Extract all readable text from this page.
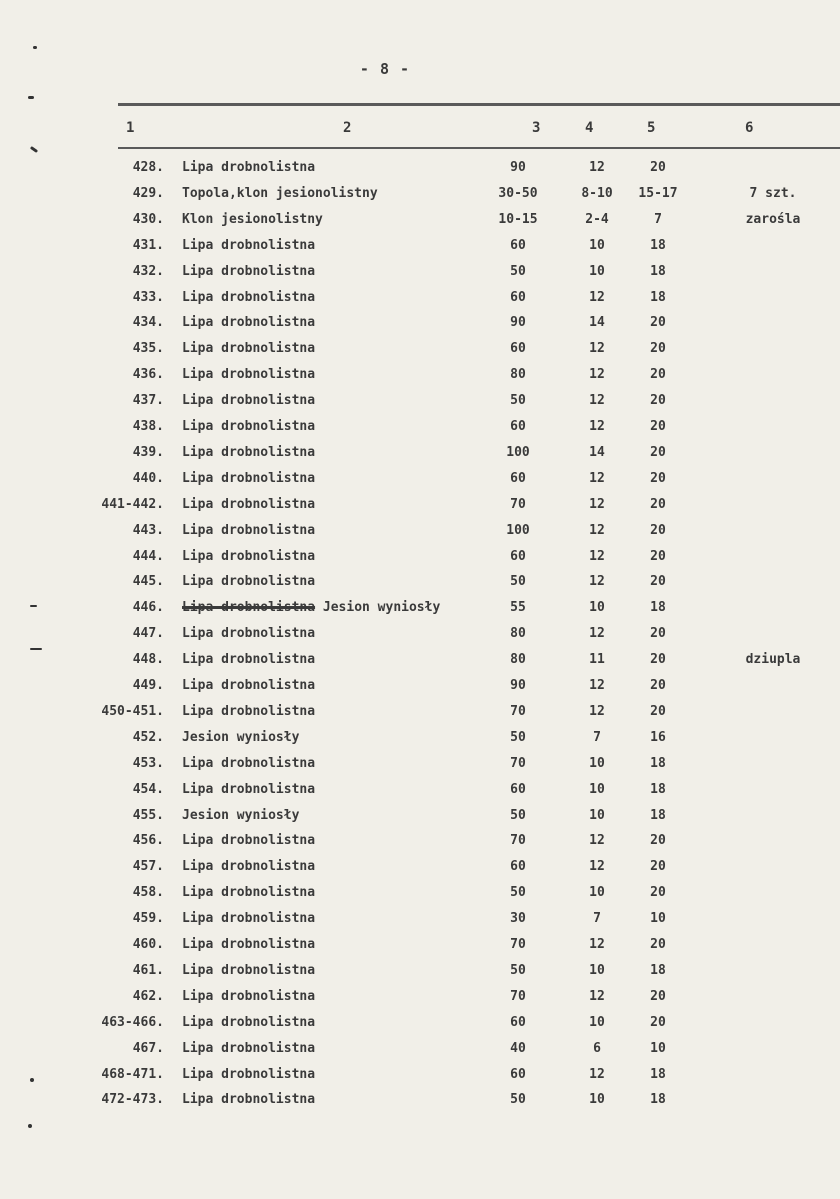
- 8 -
1	2	3	4	5	6
428. Lipa drobnolistna	90	12	20
429. Topola,klon jesionolistny	30-50	8-10	15-17	7 szt.
430. Klon jesionolistny	10-15	2-4	7	zarośla
431. Lipa drobnolistna	60	10	18
432. Lipa drobnolistna	50	10	18
433. Lipa drobnolistna	60	12	18
434. Lipa drobnolistna	90	14	20
435. Lipa drobnolistna	60	12	20
436. Lipa drobnolistna	80	12	20
437. Lipa drobnolistna	50	12	20
438. Lipa drobnolistna	60	12	20
439. Lipa drobnolistna	100	14	20
440. Lipa drobnolistna	60	12	20
441-442. Lipa drobnolistna	70	12	20
443. Lipa drobnolistna	100	12	20
444. Lipa drobnolistna	60	12	20
445. Lipa drobnolistna	50	12	20
446. Lipa drobnolistna Jesion wyniosły	55	10	18
447. Lipa drobnolistna	80	12	20
448. Lipa drobnolistna	80	11	20	dziupla
449. Lipa drobnolistna	90	12	20
450-451. Lipa drobnolistna	70	12	20
452. Jesion wyniosły	50	7	16
453. Lipa drobnolistna	70	10	18
454. Lipa drobnolistna	60	10	18
455. Jesion wyniosły	50	10	18
456. Lipa drobnolistna	70	12	20
457. Lipa drobnolistna	60	12	20
458. Lipa drobnolistna	50	10	20
459. Lipa drobnolistna	30	7	10
460. Lipa drobnolistna	70	12	20
461. Lipa drobnolistna	50	10	18
462. Lipa drobnolistna	70	12	20
463-466. Lipa drobnolistna	60	10	20
467. Lipa drobnolistna	40	6	10
468-471. Lipa drobnolistna	60	12	18
472-473. Lipa drobnolistna	50	10	18
